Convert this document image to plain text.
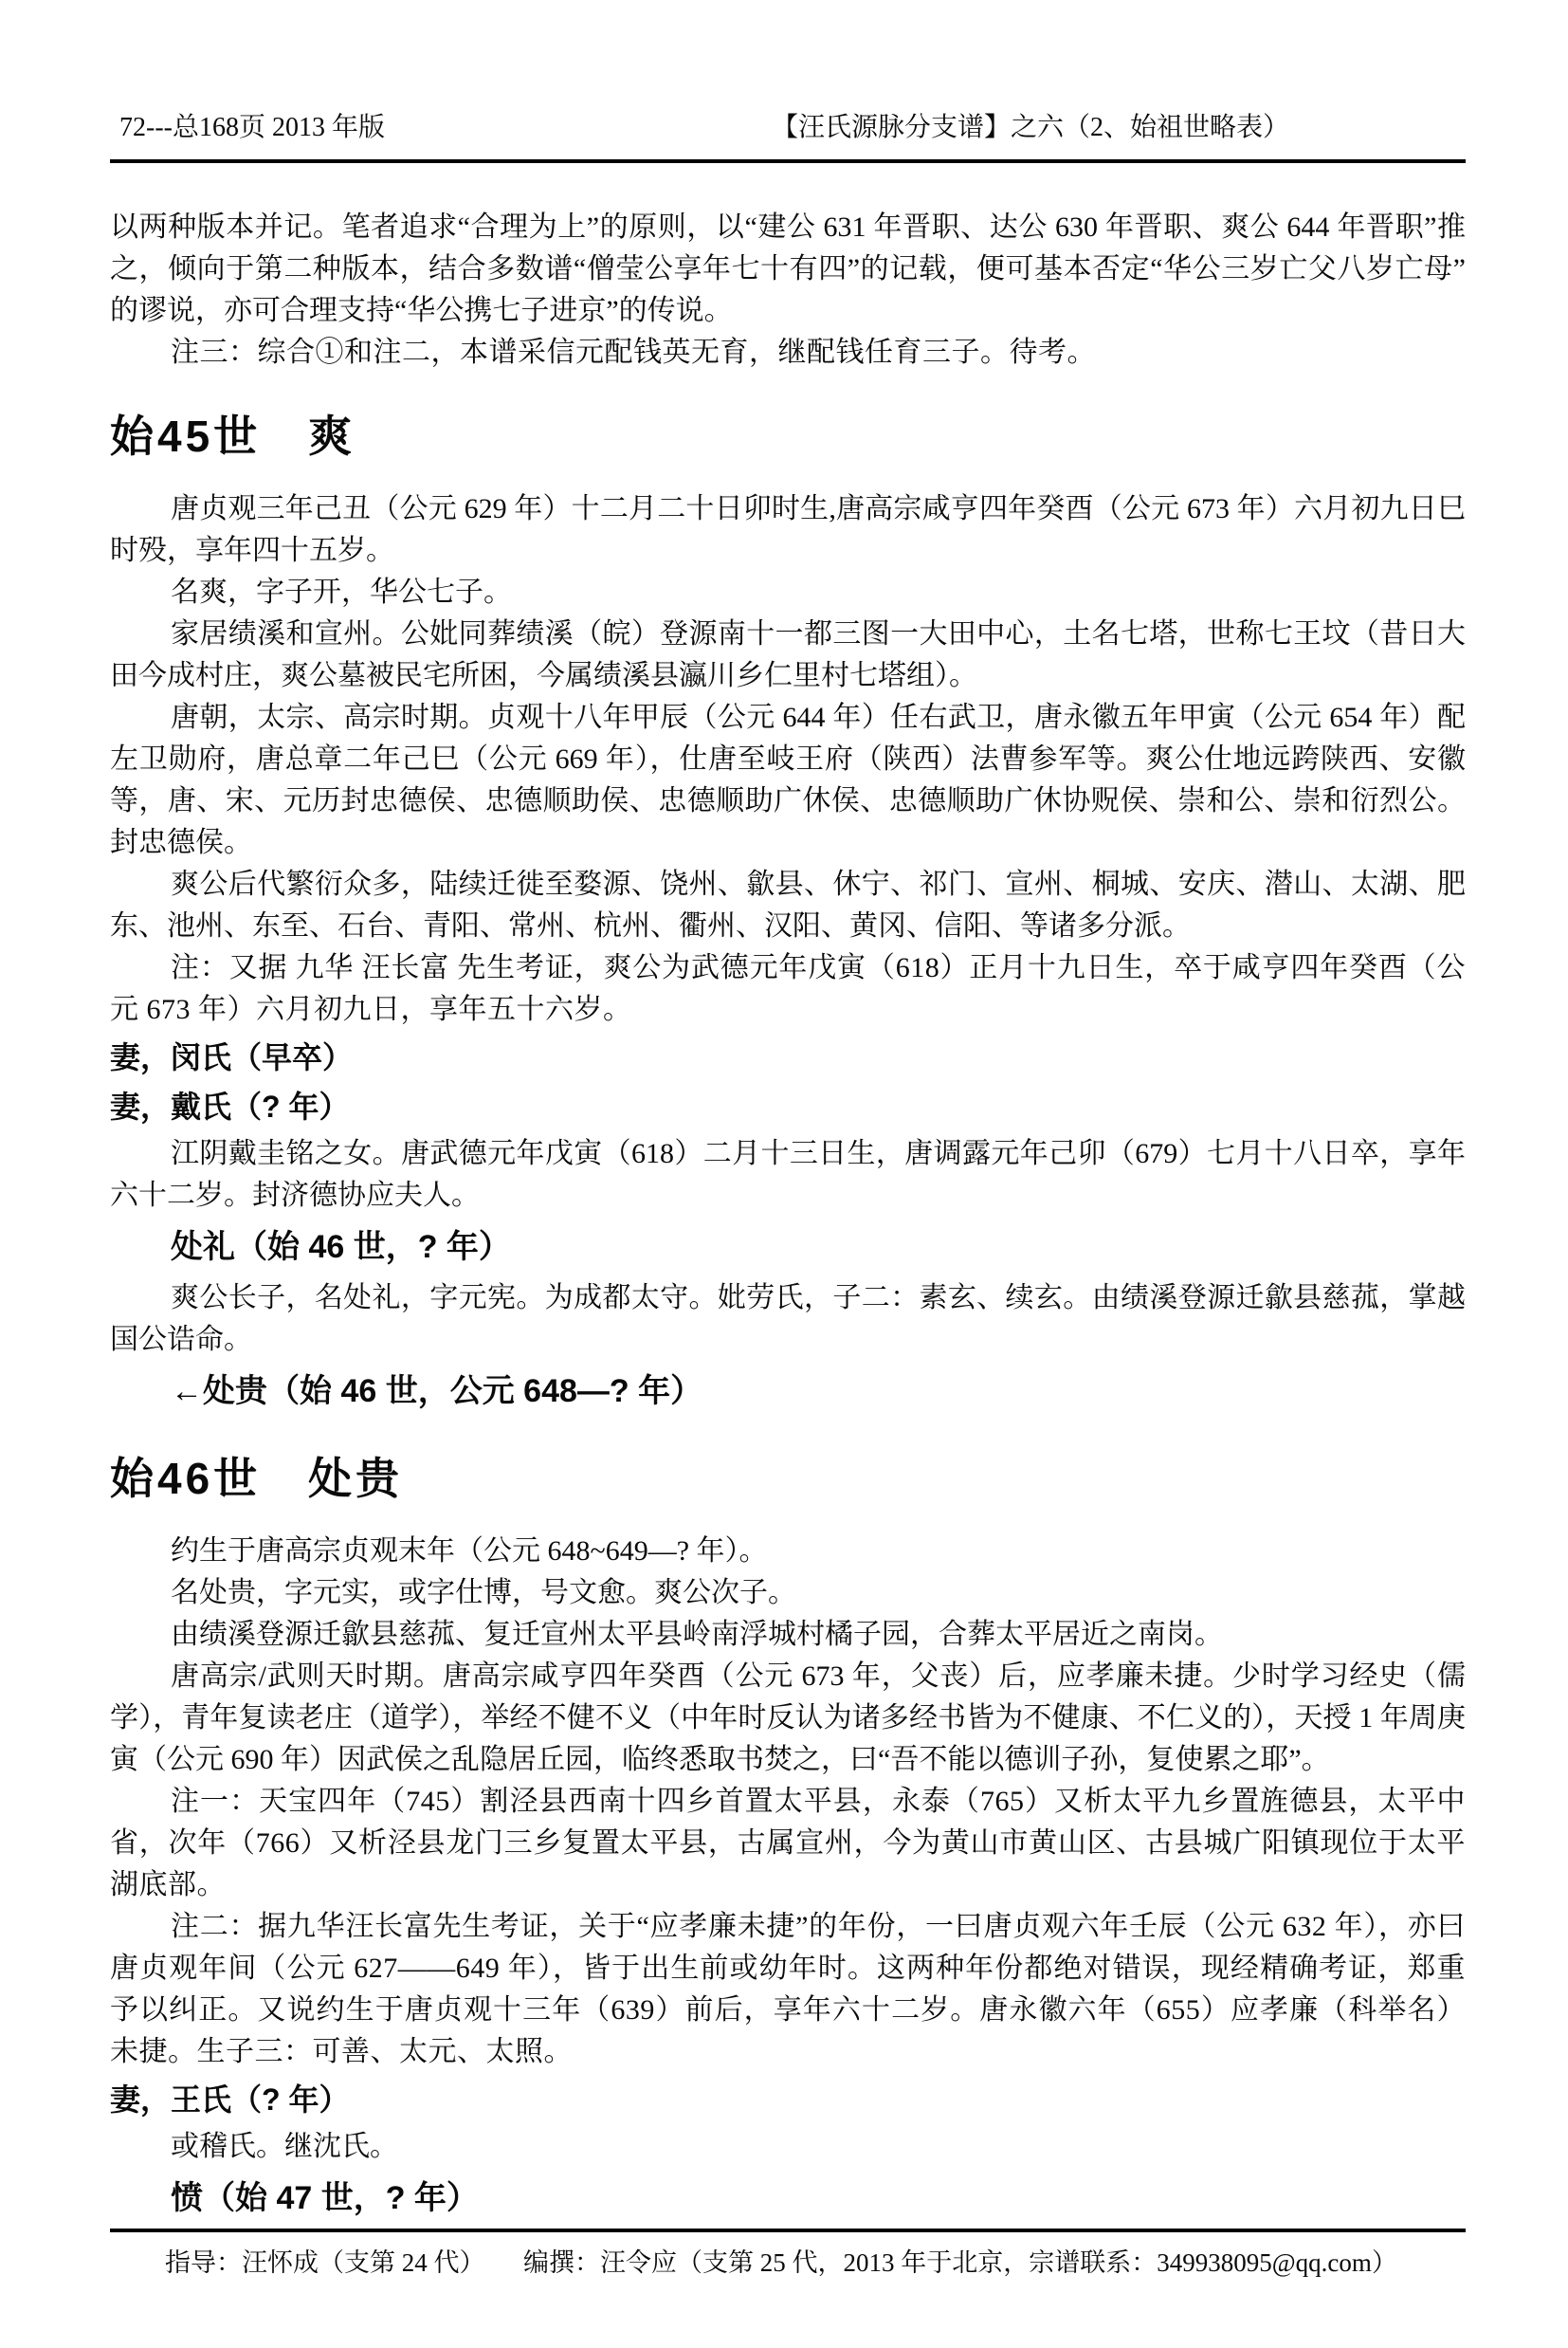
72---总168页 2013 年版	【汪氏源脉分支谱】之六（2、始祖世略表）

以两种版本并记。笔者追求“合理为上”的原则，以“建公 631 年晋职、达公 630 年晋职、爽公 644 年晋职”推之，倾向于第二种版本，结合多数谱“僧莹公享年七十有四”的记载，便可基本否定“华公三岁亡父八岁亡母”的谬说，亦可合理支持“华公携七子进京”的传说。

注三：综合①和注二，本谱采信元配钱英无育，继配钱任育三子。待考。

始45世　爽

唐贞观三年己丑（公元 629 年）十二月二十日卯时生,唐高宗咸亨四年癸酉（公元 673 年）六月初九日巳时殁，享年四十五岁。

名爽，字子开，华公七子。

家居绩溪和宣州。公妣同葬绩溪（皖）登源南十一都三图一大田中心，土名七塔，世称七王坟（昔日大田今成村庄，爽公墓被民宅所困，今属绩溪县瀛川乡仁里村七塔组）。

唐朝，太宗、高宗时期。贞观十八年甲辰（公元 644 年）任右武卫，唐永徽五年甲寅（公元 654 年）配左卫勋府，唐总章二年己巳（公元 669 年），仕唐至岐王府（陕西）法曹参军等。爽公仕地远跨陕西、安徽等，唐、宋、元历封忠德侯、忠德顺助侯、忠德顺助广休侯、忠德顺助广休协贶侯、崇和公、崇和衍烈公。封忠德侯。

爽公后代繁衍众多，陆续迁徙至婺源、饶州、歙县、休宁、祁门、宣州、桐城、安庆、潜山、太湖、肥东、池州、东至、石台、青阳、常州、杭州、衢州、汉阳、黄冈、信阳、等诸多分派。

注：又据 九华 汪长富 先生考证，爽公为武德元年戊寅（618）正月十九日生，卒于咸亨四年癸酉（公元 673 年）六月初九日，享年五十六岁。

妻，闵氏（早卒）

妻，戴氏（? 年）

江阴戴圭铭之女。唐武德元年戊寅（618）二月十三日生，唐调露元年己卯（679）七月十八日卒，享年六十二岁。封济德协应夫人。

处礼（始 46 世，? 年）

爽公长子，名处礼，字元宪。为成都太守。妣劳氏，子二：素玄、续玄。由绩溪登源迁歙县慈菰，掌越国公诰命。

←处贵（始 46 世，公元 648—? 年）

始46世　处贵

约生于唐高宗贞观末年（公元 648~649—? 年）。

名处贵，字元实，或字仕博，号文愈。爽公次子。

由绩溪登源迁歙县慈菰、复迁宣州太平县岭南浮城村橘子园，合葬太平居近之南岗。

唐高宗/武则天时期。唐高宗咸亨四年癸酉（公元 673 年，父丧）后，应孝廉未捷。少时学习经史（儒学），青年复读老庄（道学），举经不健不义（中年时反认为诸多经书皆为不健康、不仁义的），天授 1 年周庚寅（公元 690 年）因武侯之乱隐居丘园，临终悉取书焚之，曰“吾不能以德训子孙，复使累之耶”。

注一：天宝四年（745）割泾县西南十四乡首置太平县，永泰（765）又析太平九乡置旌德县，太平中省，次年（766）又析泾县龙门三乡复置太平县，古属宣州，今为黄山市黄山区、古县城广阳镇现位于太平湖底部。

注二：据九华汪长富先生考证，关于“应孝廉未捷”的年份，一曰唐贞观六年壬辰（公元 632 年），亦曰唐贞观年间（公元 627——649 年），皆于出生前或幼年时。这两种年份都绝对错误，现经精确考证，郑重予以纠正。又说约生于唐贞观十三年（639）前后，享年六十二岁。唐永徽六年（655）应孝廉（科举名）未捷。生子三：可善、太元、太照。

妻，王氏（? 年）

或稽氏。继沈氏。

愤（始 47 世，? 年）

指导：汪怀成（支第 24 代）　　编撰：汪令应（支第 25 代，2013 年于北京，宗谱联系：349938095@qq.com）
